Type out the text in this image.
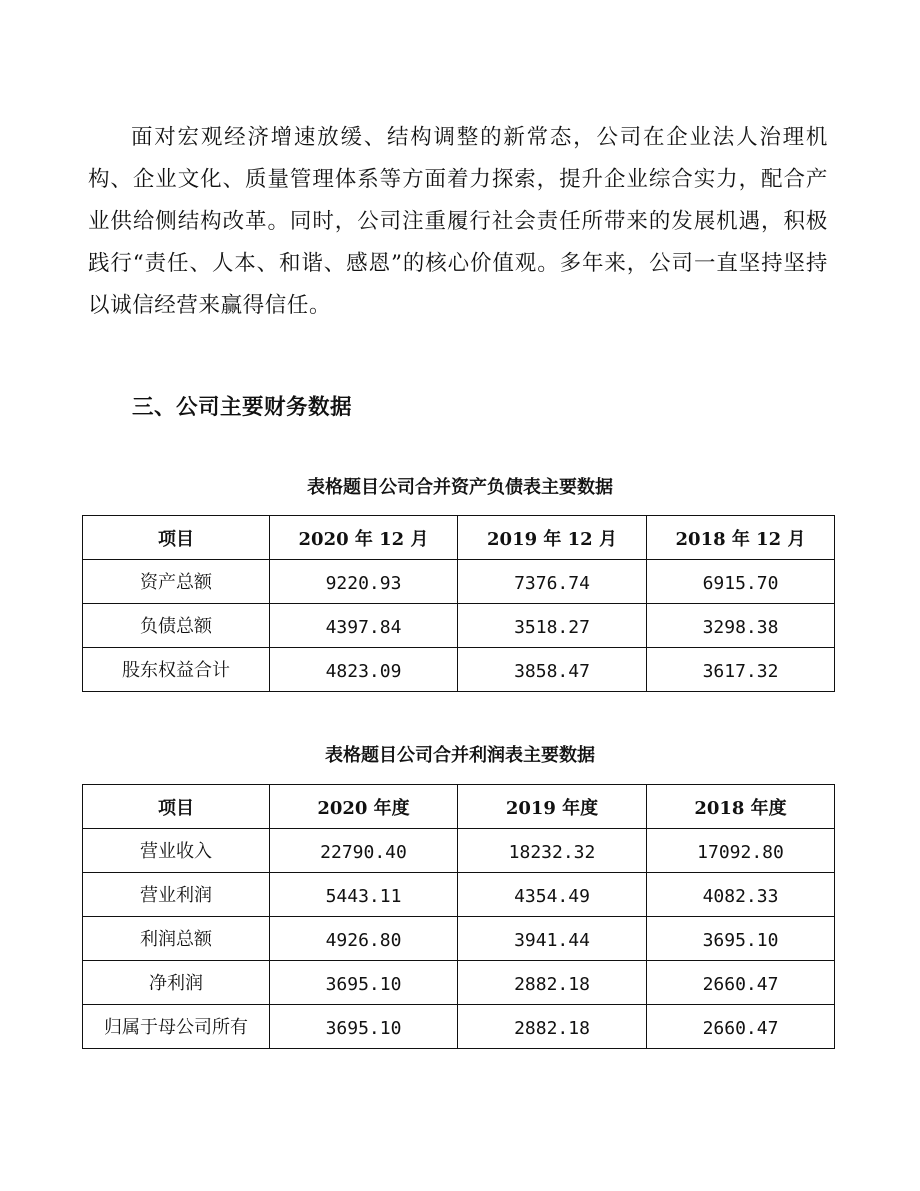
面对宏观经济增速放缓、结构调整的新常态，公司在企业法人治理机构、企业文化、质量管理体系等方面着力探索，提升企业综合实力，配合产业供给侧结构改革。同时，公司注重履行社会责任所带来的发展机遇，积极践行“责任、人本、和谐、感恩”的核心价值观。多年来，公司一直坚持坚持以诚信经营来赢得信任。

三、公司主要财务数据
表格题目公司合并资产负债表主要数据
项目	2020 年 12 月	2019 年 12 月	2018 年 12 月
资产总额	9220.93	7376.74	6915.70
负债总额	4397.84	3518.27	3298.38
股东权益合计	4823.09	3858.47	3617.32
表格题目公司合并利润表主要数据
项目	2020 年度	2019 年度	2018 年度
营业收入	22790.40	18232.32	17092.80
营业利润	5443.11	4354.49	4082.33
利润总额	4926.80	3941.44	3695.10
净利润	3695.10	2882.18	2660.47
归属于母公司所有	3695.10	2882.18	2660.47
